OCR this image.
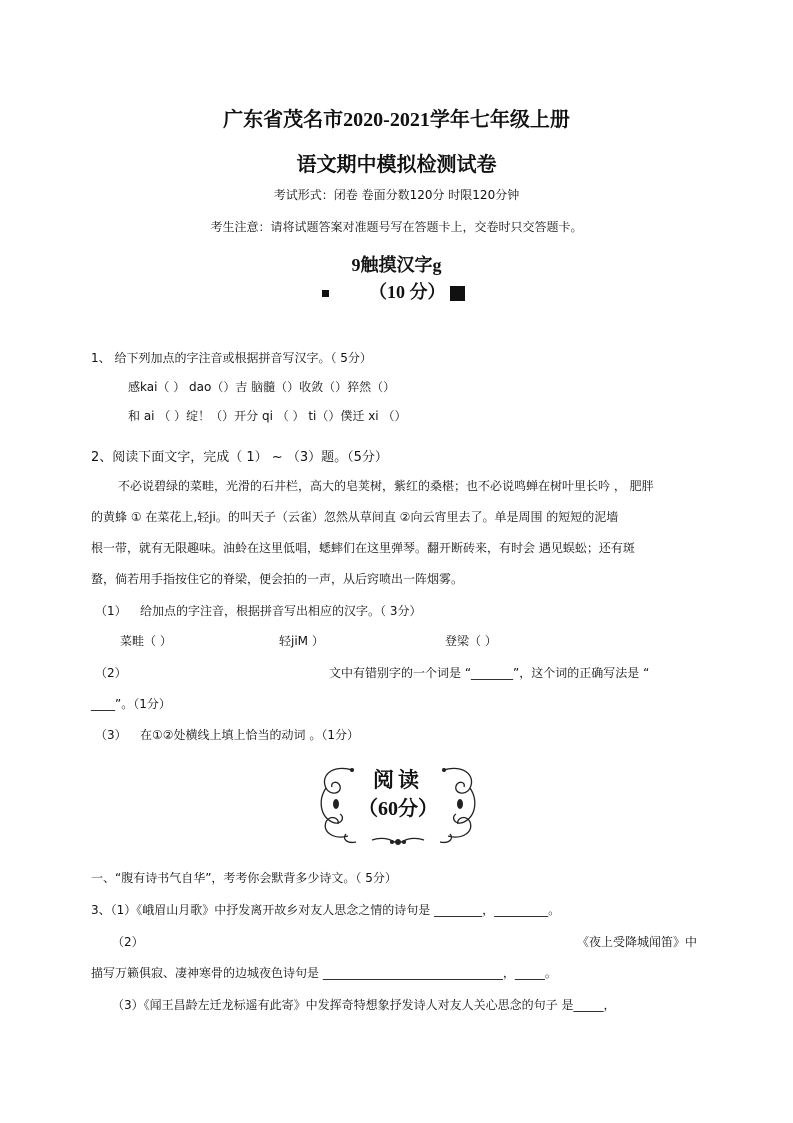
广东省茂名市2020-2021学年七年级上册
语文期中模拟检测试卷
考试形式：闭卷 卷面分数120分 时限120分钟
考生注意：请将试题答案对准题号写在答题卡上，交卷时只交答题卡。
9触摸汉字g
（10 分）
1、 给下列加点的字注音或根据拼音写汉字。（ 5分）
感kai（ ） dao（）吉 脑髓（）收敛（）猝然（）
和 ai （ ）绽！（）开分 qi （ ） ti（）僕迁 xi （）
2、阅读下面文字，完成（ 1） ~ （3）题。（5分）
不必说碧绿的菜畦，光滑的石井栏，高大的皂荚树，紫红的桑椹；也不必说鸣蝉在树叶里长吟 ， 肥胖
的黄蜂 ① 在菜花上,轻ji。的叫天子（云雀）忽然从草间直 ②向云宵里去了。单是周围 的短短的泥墙
根一带，就有无限趣味。油蛉在这里低唱，蟋蟀们在这里弹琴。翻开断砖来，有时会 遇见蜈蚣；还有斑
蝥，倘若用手指按住它的脊梁，便会拍的一声，从后窍喷出一阵烟雾。
（1） 给加点的字注音，根据拼音写出相应的汉字。（ 3分）
菜畦（ ）	轻jiM ）	登梁（ ）
（2）	文中有错别字的一个词是 “_______”，这个词的正确写法是 “
____”。（1分）
（3） 在①②处横线上填上恰当的动词 。（1分）
阅读
（60分）
一、“腹有诗书气自华”，考考你会默背多少诗文。（ 5分）
3、（1）《峨眉山月歌》中抒发离开故乡对友人思念之情的诗句是 ________，_________。
（2）	《夜上受降城闻笛》中
描写万籁俱寂、凄神寒骨的边城夜色诗句是 ______________________________，_____。
（3）《闻王昌龄左迁龙标遥有此寄》中发挥奇特想象抒发诗人对友人关心思念的句子 是_____，
